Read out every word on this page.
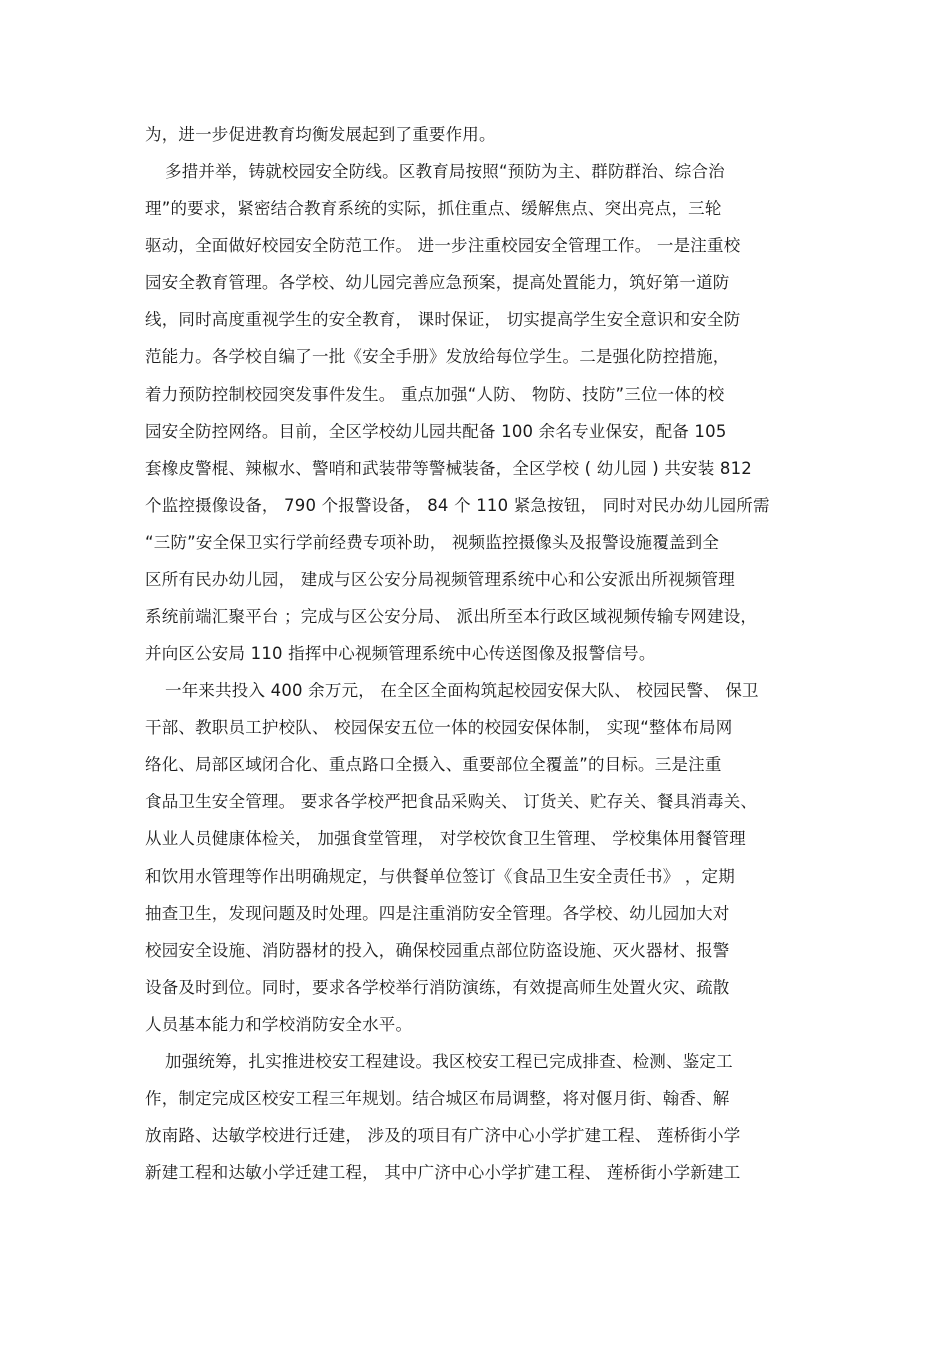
为，进一步促进教育均衡发展起到了重要作用。
多措并举，铸就校园安全防线。区教育局按照“预防为主、群防群治、综合治
理”的要求，紧密结合教育系统的实际，抓住重点、缓解焦点、突出亮点，三轮
驱动，全面做好校园安全防范工作。 进一步注重校园安全管理工作。 一是注重校
园安全教育管理。各学校、幼儿园完善应急预案，提高处置能力，筑好第一道防
线，同时高度重视学生的安全教育， 课时保证， 切实提高学生安全意识和安全防
范能力。各学校自编了一批《安全手册》发放给每位学生。二是强化防控措施，
着力预防控制校园突发事件发生。 重点加强“人防、 物防、技防”三位一体的校
园安全防控网络。目前，全区学校幼儿园共配备 100 余名专业保安，配备 105
套橡皮警棍、辣椒水、警哨和武装带等警械装备，全区学校 ( 幼儿园 ) 共安装 812
个监控摄像设备， 790 个报警设备， 84 个 110 紧急按钮， 同时对民办幼儿园所需
“三防”安全保卫实行学前经费专项补助， 视频监控摄像头及报警设施覆盖到全
区所有民办幼儿园， 建成与区公安分局视频管理系统中心和公安派出所视频管理
系统前端汇聚平台 ；完成与区公安分局、 派出所至本行政区域视频传输专网建设，
并向区公安局 110 指挥中心视频管理系统中心传送图像及报警信号。
一年来共投入 400 余万元， 在全区全面构筑起校园安保大队、 校园民警、 保卫
干部、教职员工护校队、 校园保安五位一体的校园安保体制， 实现“整体布局网
络化、局部区域闭合化、重点路口全摄入、重要部位全覆盖”的目标。三是注重
食品卫生安全管理。 要求各学校严把食品采购关、 订货关、贮存关、餐具消毒关、
从业人员健康体检关， 加强食堂管理， 对学校饮食卫生管理、 学校集体用餐管理
和饮用水管理等作出明确规定，与供餐单位签订《食品卫生安全责任书》 ，定期
抽查卫生，发现问题及时处理。四是注重消防安全管理。各学校、幼儿园加大对
校园安全设施、消防器材的投入，确保校园重点部位防盗设施、灭火器材、报警
设备及时到位。同时，要求各学校举行消防演练，有效提高师生处置火灾、疏散
人员基本能力和学校消防安全水平。
加强统筹，扎实推进校安工程建设。我区校安工程已完成排查、检测、鉴定工
作，制定完成区校安工程三年规划。结合城区布局调整，将对偃月街、翰香、解
放南路、达敏学校进行迁建， 涉及的项目有广济中心小学扩建工程、 莲桥街小学
新建工程和达敏小学迁建工程， 其中广济中心小学扩建工程、 莲桥街小学新建工
